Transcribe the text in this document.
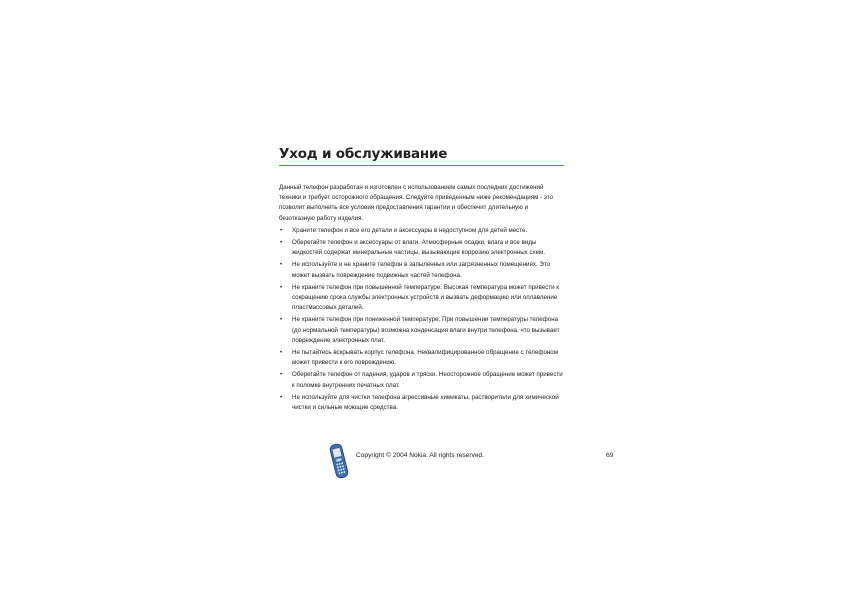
Уход и обслуживание

Данный телефон разработан и изготовлен с использованием самых последних достижений техники и требует осторожного обращения. Следуйте приведенным ниже рекомендациям - это позволит выполнить все условия предоставления гарантии и обеспечит длительную и безотказную работу изделия.

• Храните телефон и все его детали и аксессуары в недоступном для детей месте.
• Оберегайте телефон и аксессуары от влаги. Атмосферные осадки, влага и все виды жидкостей содержат минеральные частицы, вызывающие коррозию электронных схем.
• Не используйте и не храните телефон в запыленных или загрязненных помещениях. Это может вызвать повреждение подвижных частей телефона.
• Не храните телефон при повышенной температуре. Высокая температура может привести к сокращению срока службы электронных устройств и вызвать деформацию или оплавление пластмассовых деталей.
• Не храните телефон при пониженной температуре. При повышении температуры телефона (до нормальной температуры) возможна конденсация влаги внутри телефона, что вызывает повреждение электронных плат.
• Не пытайтесь вскрывать корпус телефона. Неквалифицированное обращение с телефоном может привести к его повреждению.
• Оберегайте телефон от падения, ударов и тряски. Неосторожное обращение может привести к поломке внутренних печатных плат.
• Не используйте для чистки телефона агрессивные химикаты, растворители для химической чистки и сильные моющие средства.
Copyright © 2004 Nokia. All rights reserved.	69
